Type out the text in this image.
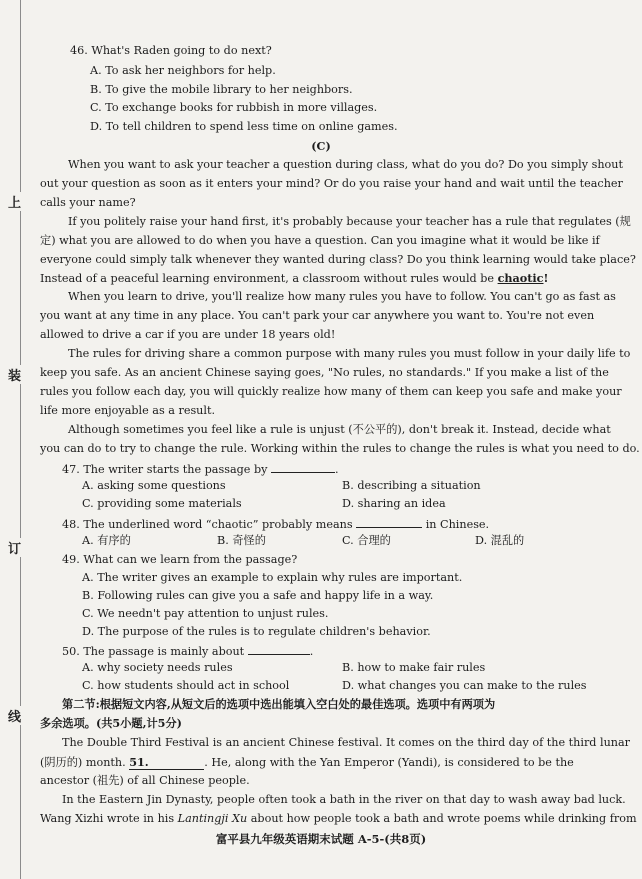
上
装
订
线
46. What's Raden going to do next?
A. To ask her neighbors for help.
B. To give the mobile library to her neighbors.
C. To exchange books for rubbish in more villages.
D. To tell children to spend less time on online games.
(C)
When you want to ask your teacher a question during class, what do you do? Do you simply shout
out your question as soon as it enters your mind? Or do you raise your hand and wait until the teacher
calls your name?
If you politely raise your hand first, it's probably because your teacher has a rule that regulates (规
定) what you are allowed to do when you have a question. Can you imagine what it would be like if
everyone could simply talk whenever they wanted during class? Do you think learning would take place?
Instead of a peaceful learning environment, a classroom without rules would be chaotic!
When you learn to drive, you'll realize how many rules you have to follow. You can't go as fast as
you want at any time in any place. You can't park your car anywhere you want to. You're not even
allowed to drive a car if you are under 18 years old!
The rules for driving share a common purpose with many rules you must follow in your daily life to
keep you safe. As an ancient Chinese saying goes, "No rules, no standards." If you make a list of the
rules you follow each day, you will quickly realize how many of them can keep you safe and make your
life more enjoyable as a result.
Although sometimes you feel like a rule is unjust (不公平的), don't break it. Instead, decide what
you can do to try to change the rule. Working within the rules to change the rules is what you need to do.
47. The writer starts the passage by	.
A. asking some questions	B. describing a situation
C. providing some materials	D. sharing an idea
48. The underlined word “chaotic” probably means	in Chinese.
A. 有序的	B. 奇怪的	C. 合理的	D. 混乱的
49. What can we learn from the passage?
A. The writer gives an example to explain why rules are important.
B. Following rules can give you a safe and happy life in a way.
C. We needn't pay attention to unjust rules.
D. The purpose of the rules is to regulate children's behavior.
50. The passage is mainly about	.
A. why society needs rules	B. how to make fair rules
C. how students should act in school	D. what changes you can make to the rules
第二节:根据短文内容,从短文后的选项中选出能填入空白处的最佳选项。选项中有两项为
多余选项。(共5小题,计5分)
The Double Third Festival is an ancient Chinese festival. It comes on the third day of the third lunar
(阴历的) month. 51.	. He, along with the Yan Emperor (Yandi), is considered to be the
ancestor (祖先) of all Chinese people.
In the Eastern Jin Dynasty, people often took a bath in the river on that day to wash away bad luck.
Wang Xizhi wrote in his Lantingji Xu about how people took a bath and wrote poems while drinking from
富平县九年级英语期末试题 A-5-(共8页)
